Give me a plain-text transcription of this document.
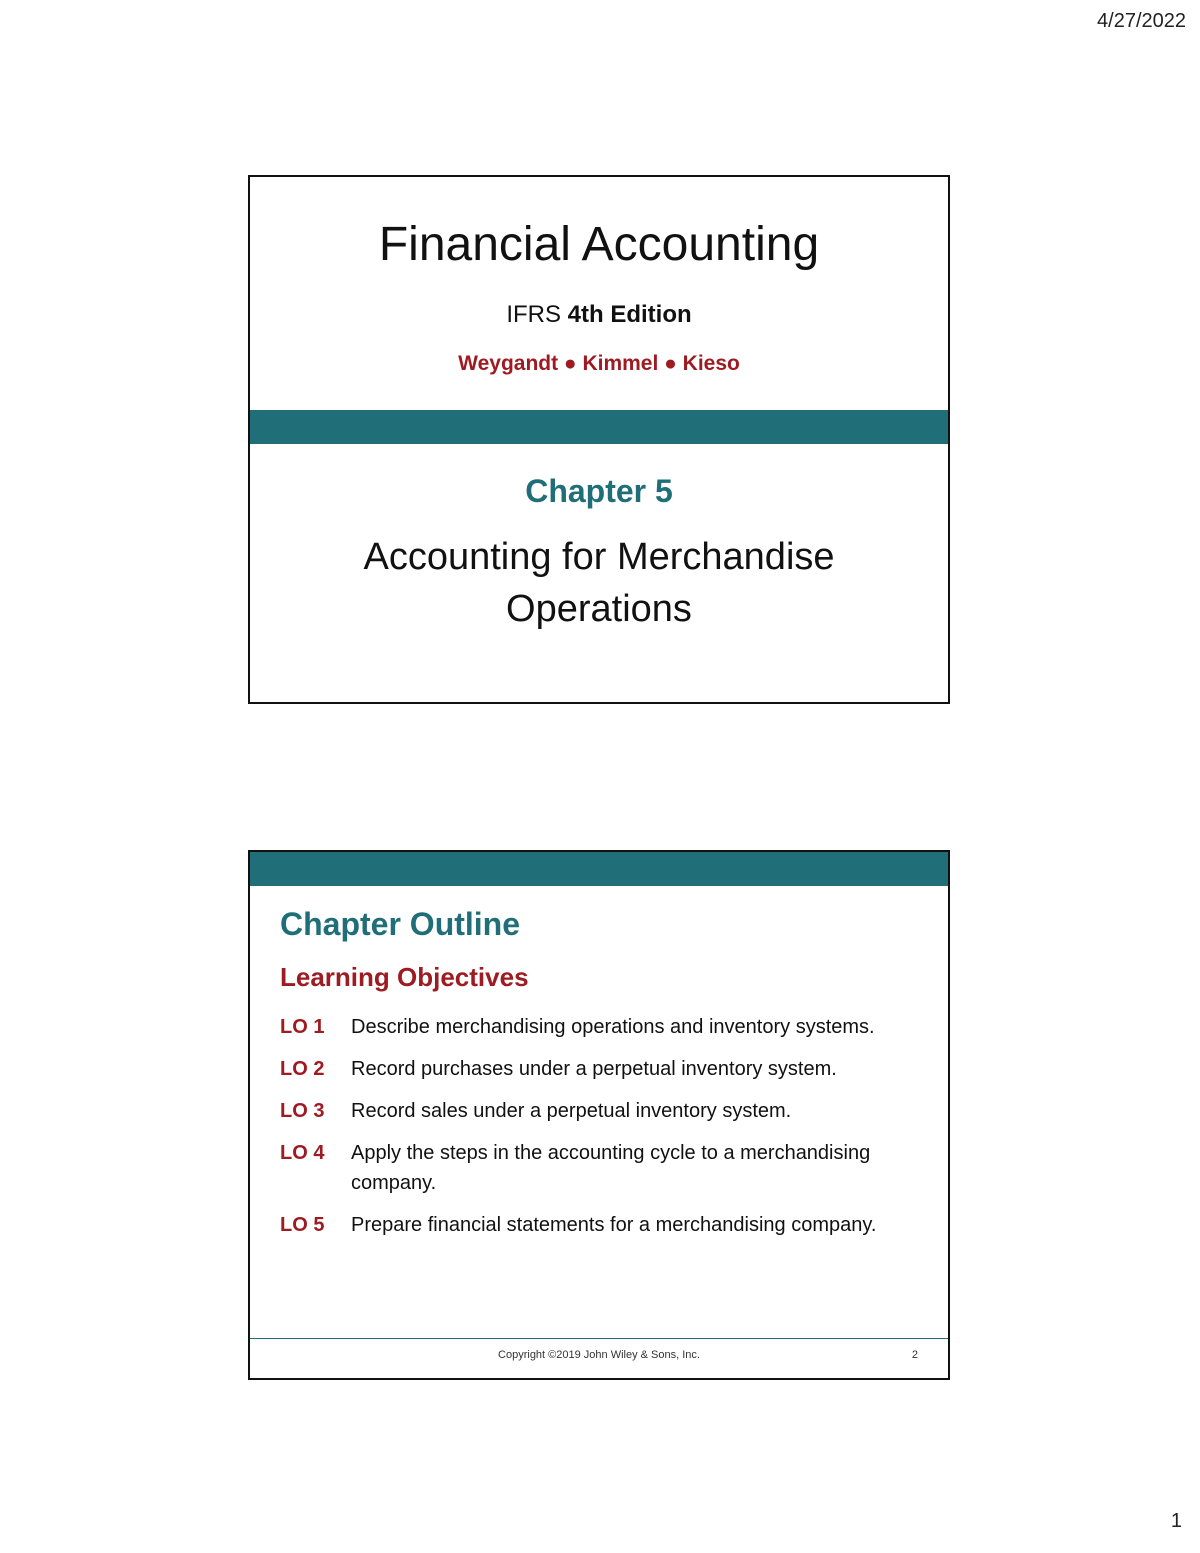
4/27/2022
Financial Accounting
IFRS 4th Edition
Weygandt ● Kimmel ● Kieso
Chapter 5
Accounting for Merchandise Operations
Chapter Outline
Learning Objectives
LO 1	Describe merchandising operations and inventory systems.
LO 2	Record purchases under a perpetual inventory system.
LO 3	Record sales under a perpetual inventory system.
LO 4	Apply the steps in the accounting cycle to a merchandising company.
LO 5	Prepare financial statements for a merchandising company.
Copyright ©2019 John Wiley & Sons, Inc.	2
1
